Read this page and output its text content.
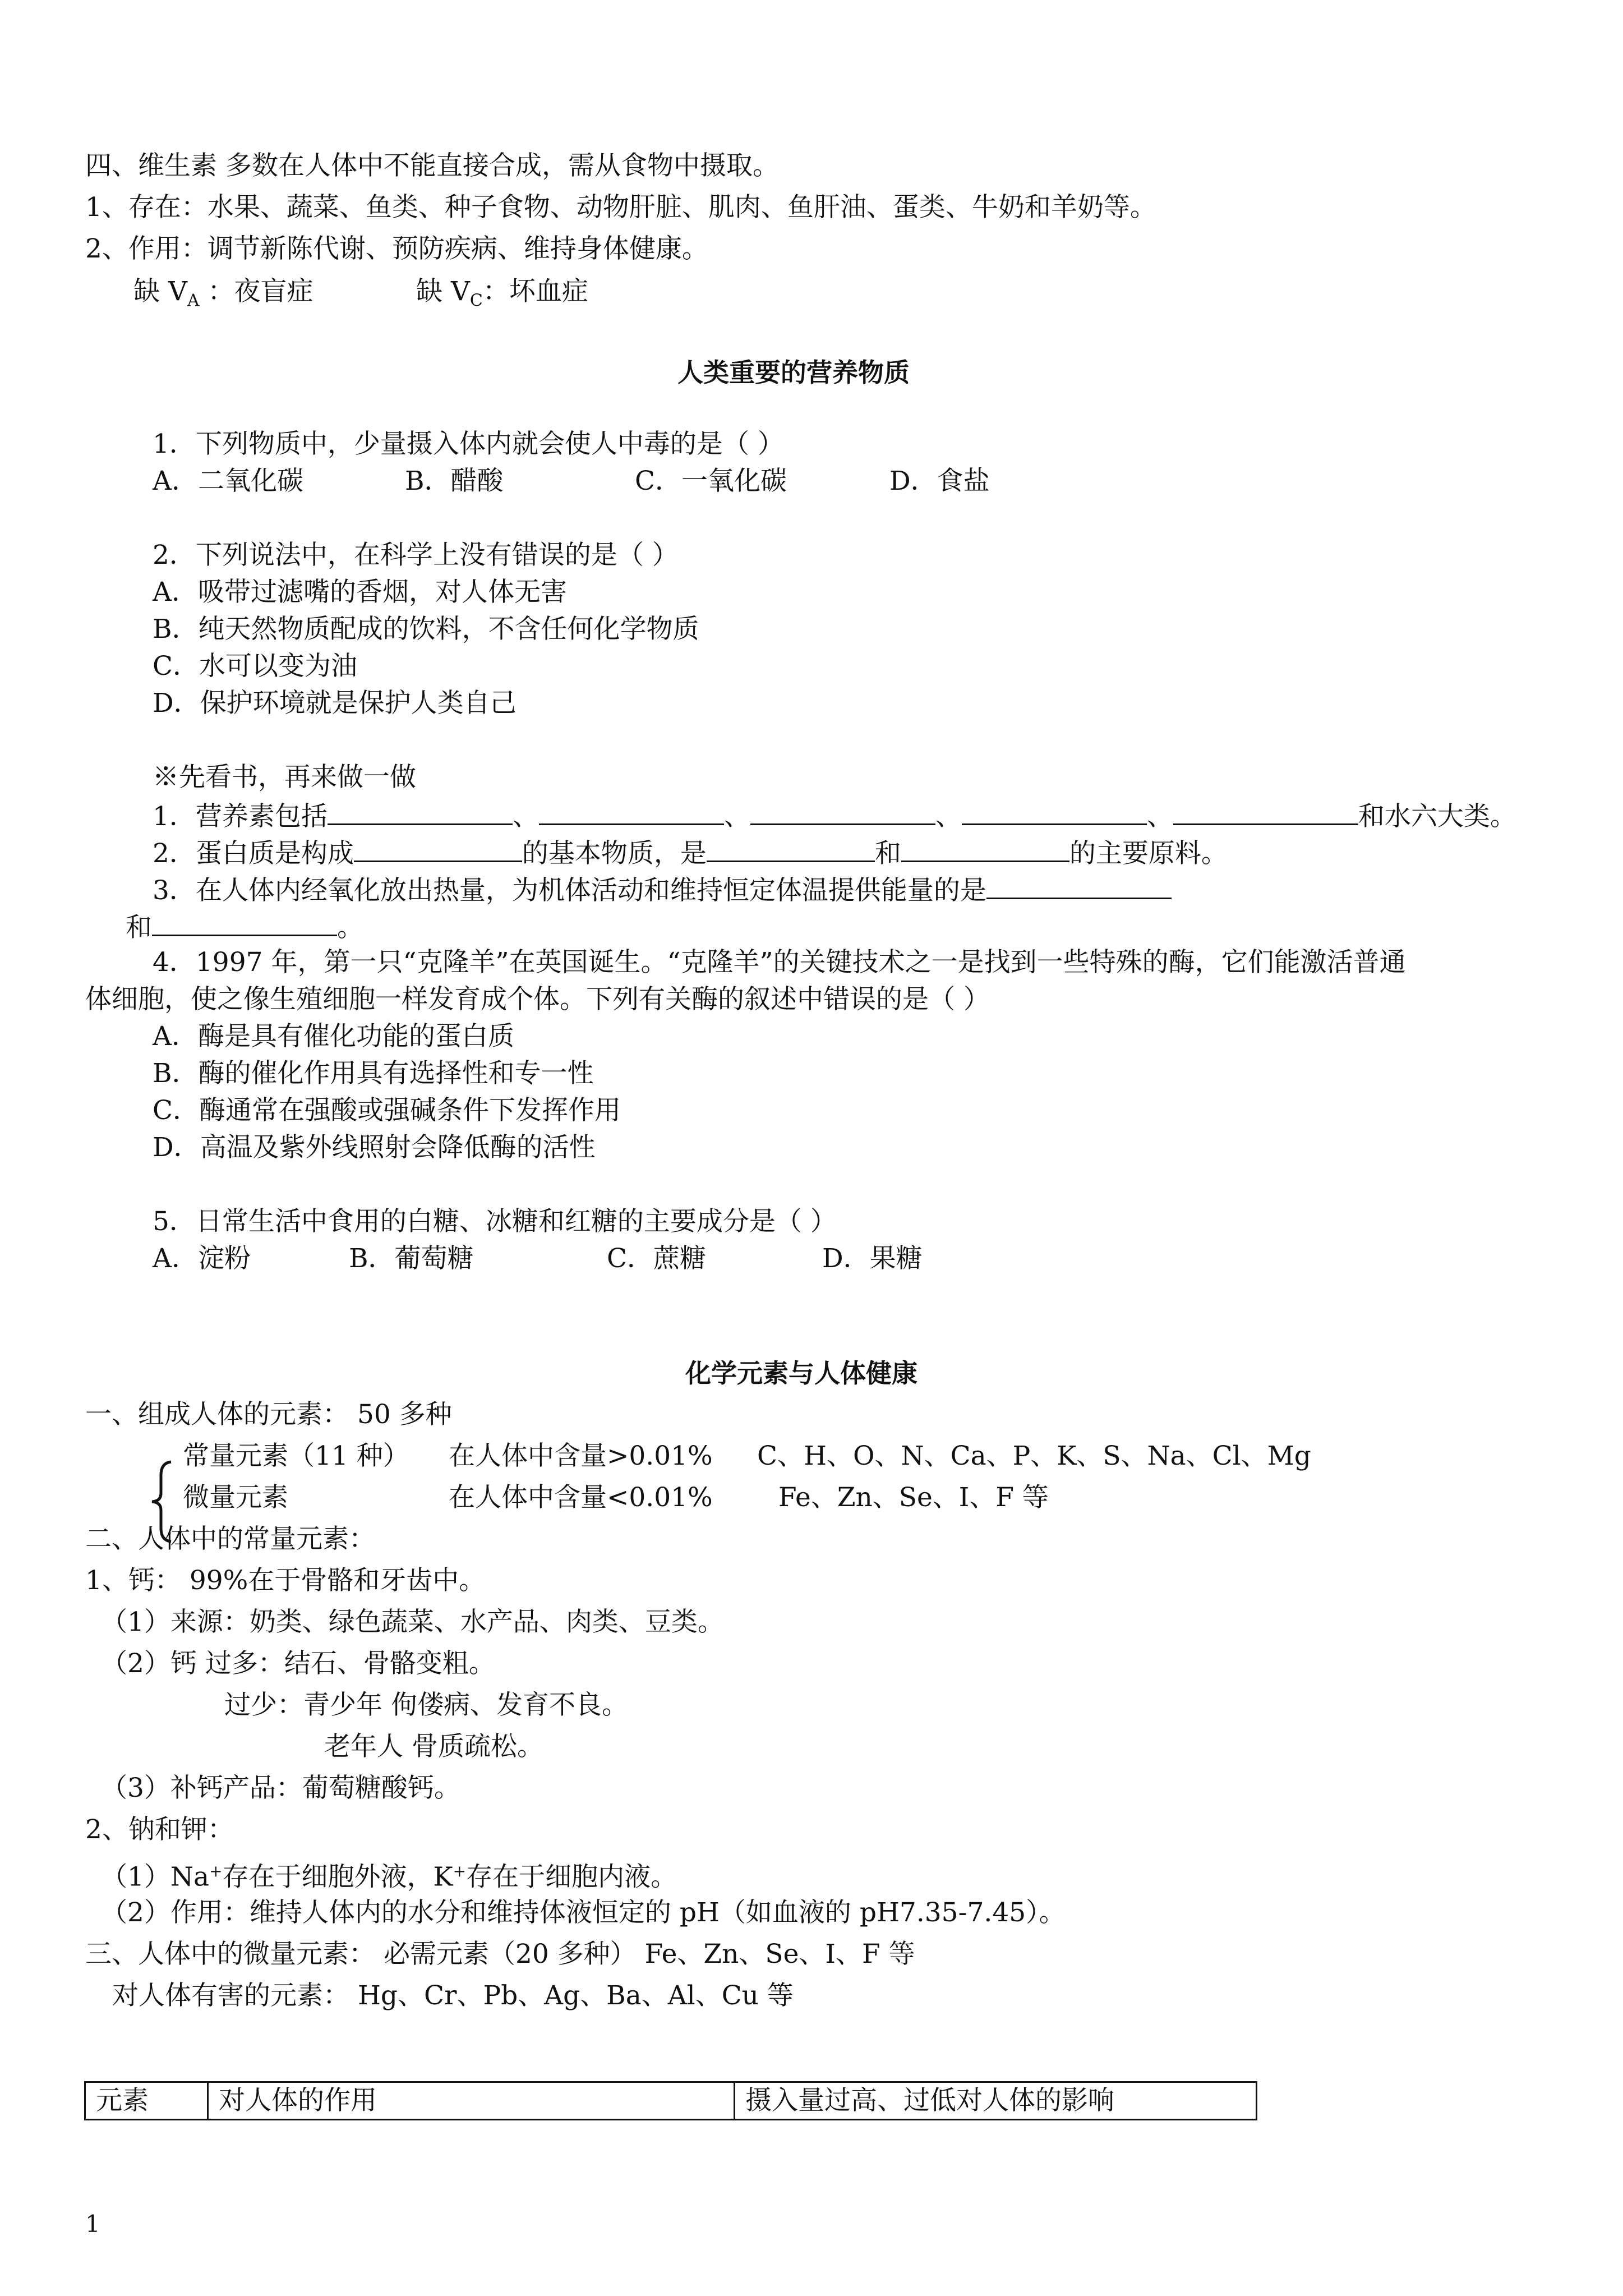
四、维生素 多数在人体中不能直接合成，需从食物中摄取。
1、存在：水果、蔬菜、鱼类、种子食物、动物肝脏、肌肉、鱼肝油、蛋类、牛奶和羊奶等。
2、作用：调节新陈代谢、预防疾病、维持身体健康。
缺 $V_A$ ：夜盲症	缺 $V_C$：坏血症
人类重要的营养物质
1．下列物质中，少量摄入体内就会使人中毒的是（ ）
A．二氧化碳	B．醋酸	C．一氧化碳	D．食盐
2．下列说法中，在科学上没有错误的是（ ）
A．吸带过滤嘴的香烟，对人体无害
B．纯天然物质配成的饮料，不含任何化学物质
C．水可以变为油
D．保护环境就是保护人类自己
※先看书，再来做一做
1．营养素包括	、	、	、	、	和水六大类。
2．蛋白质是构成	的基本物质，是	和	的主要原料。
3．在人体内经氧化放出热量，为机体活动和维持恒定体温提供能量的是
和	。
4．1997 年，第一只“克隆羊”在英国诞生。“克隆羊”的关键技术之一是找到一些特殊的酶，它们能激活普通
体细胞，使之像生殖细胞一样发育成个体。下列有关酶的叙述中错误的是（ ）
A．酶是具有催化功能的蛋白质
B．酶的催化作用具有选择性和专一性
C．酶通常在强酸或强碱条件下发挥作用
D．高温及紫外线照射会降低酶的活性
5．日常生活中食用的白糖、冰糖和红糖的主要成分是（ ）
A．淀粉	B．葡萄糖	C．蔗糖	D．果糖
化学元素与人体健康
一、组成人体的元素： 50 多种
常量元素（11 种） 在人体中含量>0.01% C、H、O、N、Ca、P、K、S、Na、Cl、Mg
微量元素	在人体中含量<0.01% Fe、Zn、Se、I、F 等
二、人体中的常量元素：
1、钙： 99%在于骨骼和牙齿中。
（1）来源：奶类、绿色蔬菜、水产品、肉类、豆类。
（2）钙 过多：结石、骨骼变粗。
过少：青少年 佝偻病、发育不良。
老年人 骨质疏松。
（3）补钙产品：葡萄糖酸钙。
2、钠和钾：
（1）Na+存在于细胞外液，K+存在于细胞内液。
（2）作用：维持人体内的水分和维持体液恒定的 pH（如血液的 pH7.35-7.45）。
三、人体中的微量元素： 必需元素（20 多种） Fe、Zn、Se、I、F 等
对人体有害的元素： Hg、Cr、Pb、Ag、Ba、Al、Cu 等
元素	对人体的作用	摄入量过高、过低对人体的影响
1
